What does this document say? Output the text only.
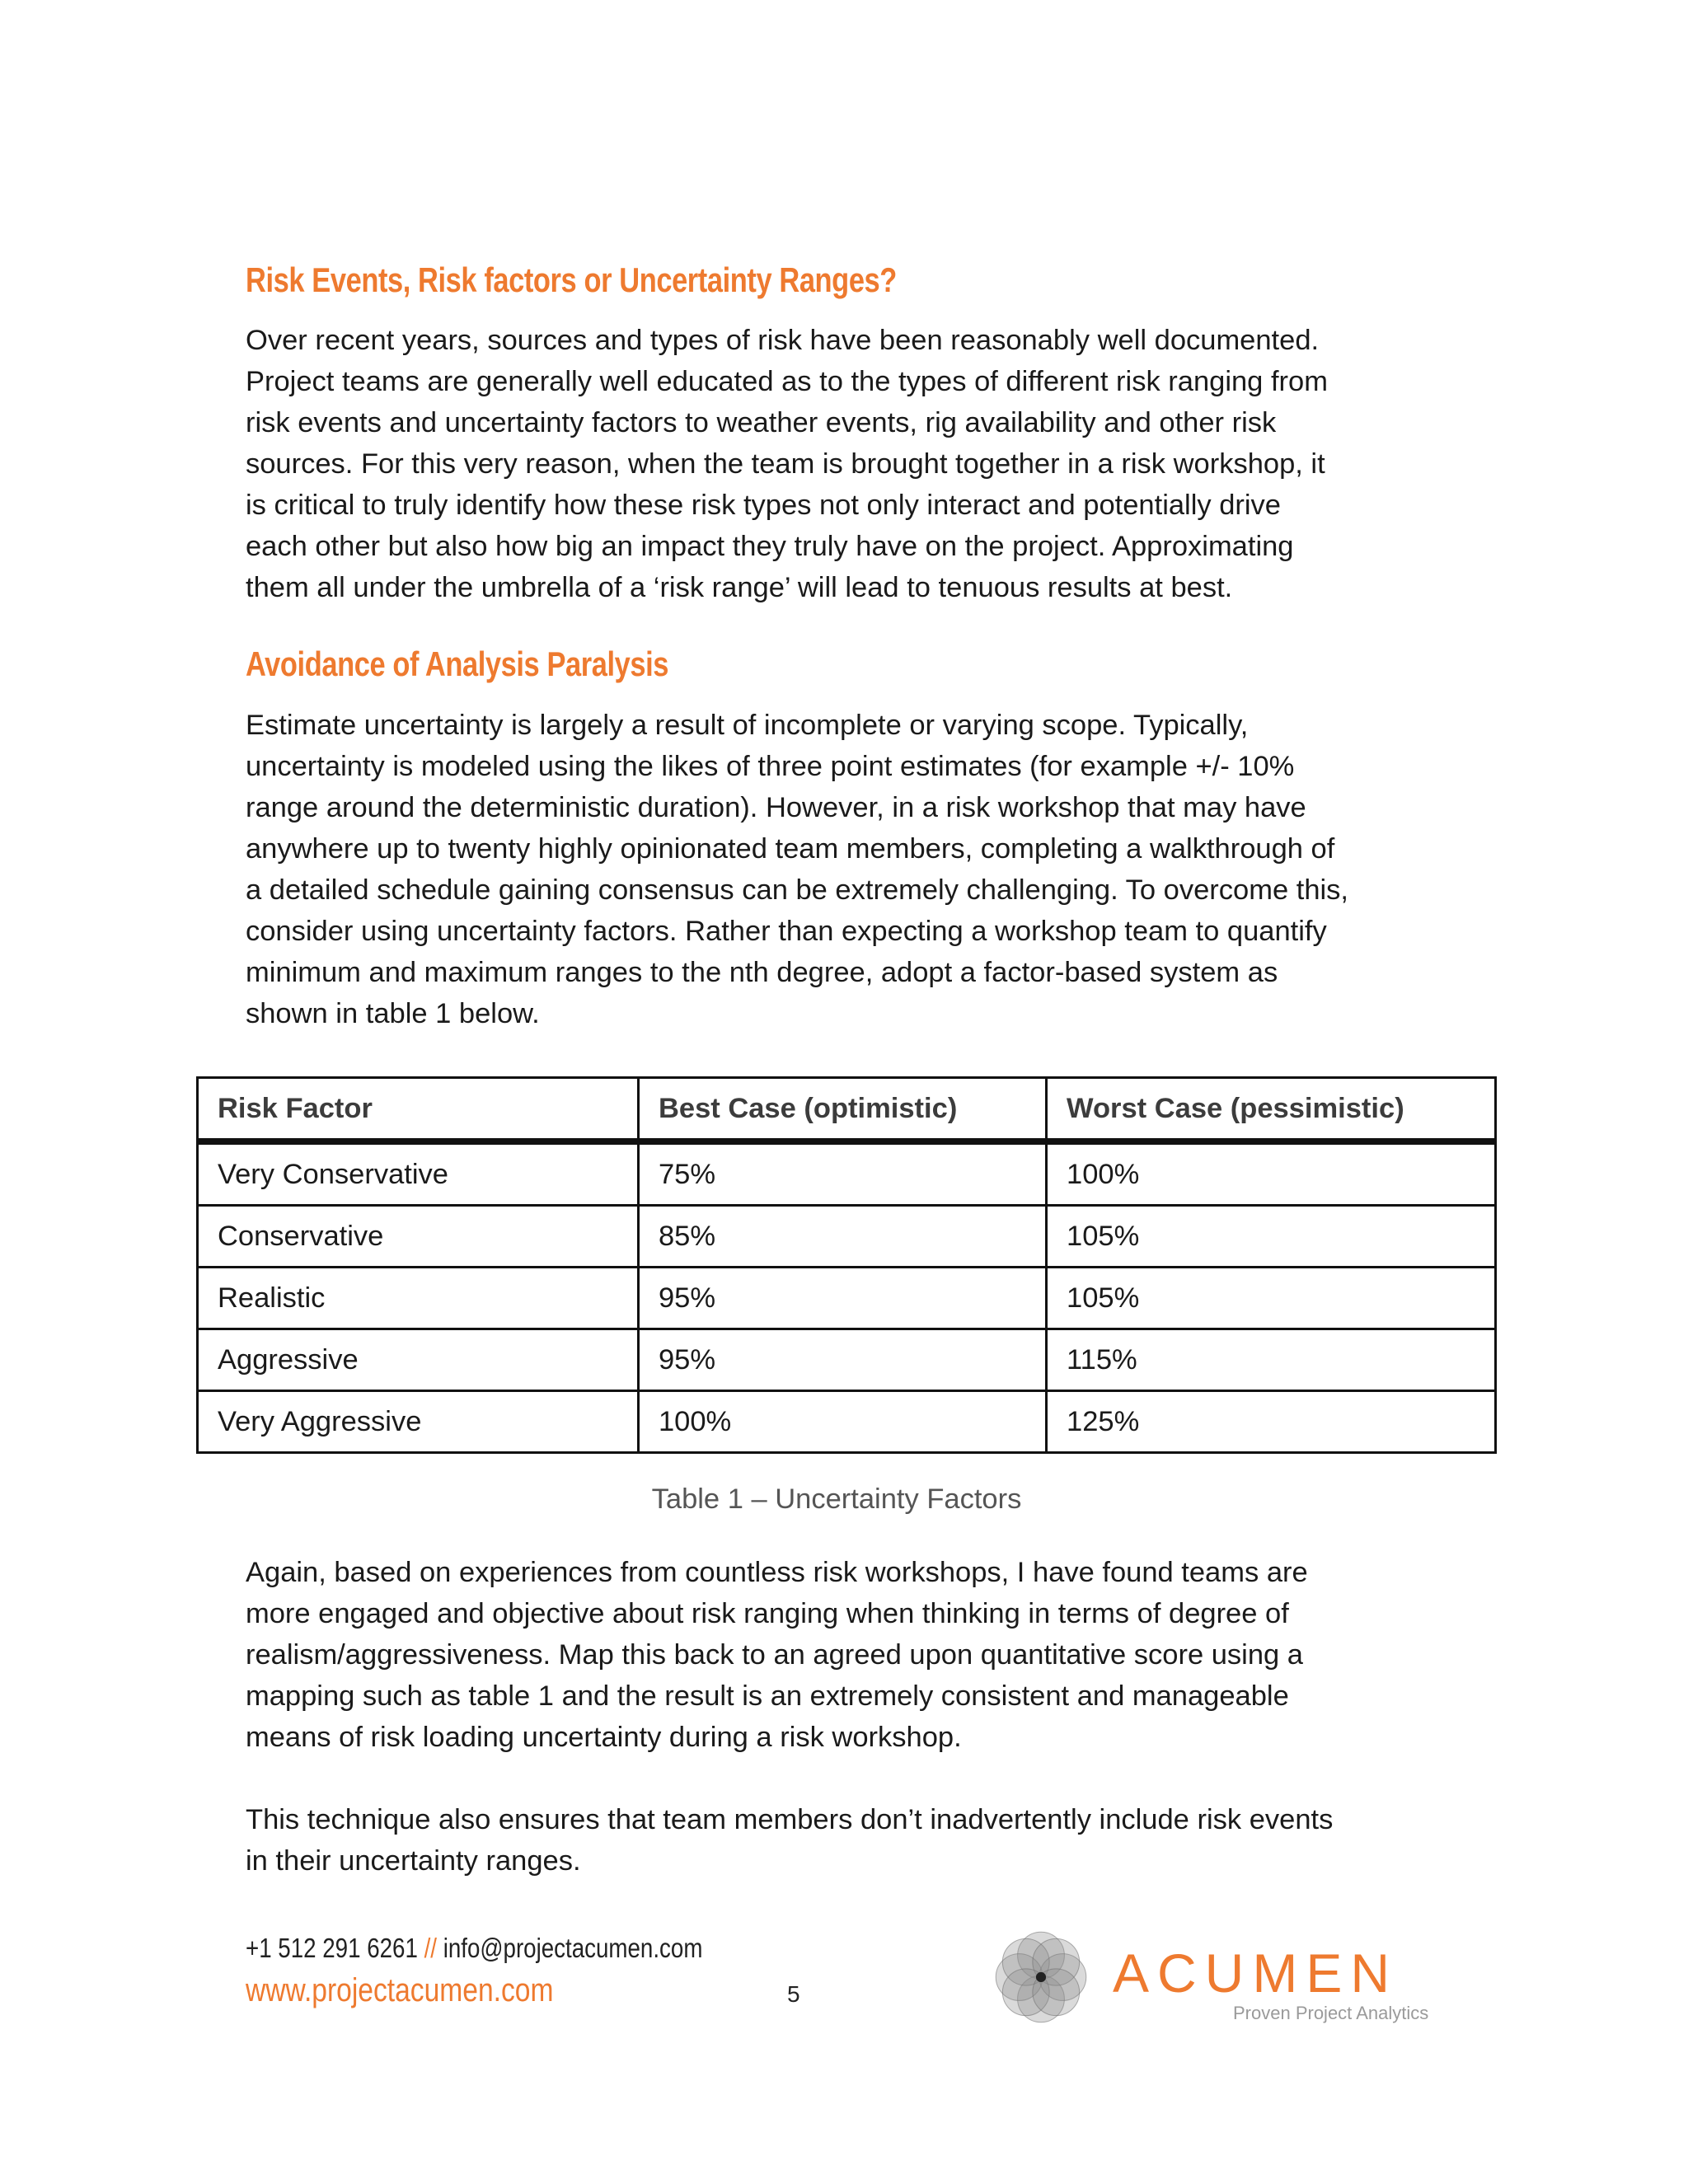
Risk Events, Risk factors or Uncertainty Ranges?

Over recent years, sources and types of risk have been reasonably well documented.
Project teams are generally well educated as to the types of different risk ranging from
risk events and uncertainty factors to weather events, rig availability and other risk
sources. For this very reason, when the team is brought together in a risk workshop, it
is critical to truly identify how these risk types not only interact and potentially drive
each other but also how big an impact they truly have on the project. Approximating
them all under the umbrella of a ‘risk range’ will lead to tenuous results at best.

Avoidance of Analysis Paralysis

Estimate uncertainty is largely a result of incomplete or varying scope. Typically,
uncertainty is modeled using the likes of three point estimates (for example +/- 10%
range around the deterministic duration). However, in a risk workshop that may have
anywhere up to twenty highly opinionated team members, completing a walkthrough of
a detailed schedule gaining consensus can be extremely challenging. To overcome this,
consider using uncertainty factors. Rather than expecting a workshop team to quantify
minimum and maximum ranges to the nth degree, adopt a factor-based system as
shown in table 1 below.

Risk Factor	Best Case (optimistic)	Worst Case (pessimistic)
Very Conservative	75%	100%
Conservative	85%	105%
Realistic	95%	105%
Aggressive	95%	115%
Very Aggressive	100%	125%
Table 1 – Uncertainty Factors

Again, based on experiences from countless risk workshops, I have found teams are
more engaged and objective about risk ranging when thinking in terms of degree of
realism/aggressiveness. Map this back to an agreed upon quantitative score using a
mapping such as table 1 and the result is an extremely consistent and manageable
means of risk loading uncertainty during a risk workshop.

This technique also ensures that team members don’t inadvertently include risk events
in their uncertainty ranges.

+1 512 291 6261 // info@projectacumen.com
www.projectacumen.com	5	ACUMEN
Proven Project Analytics
